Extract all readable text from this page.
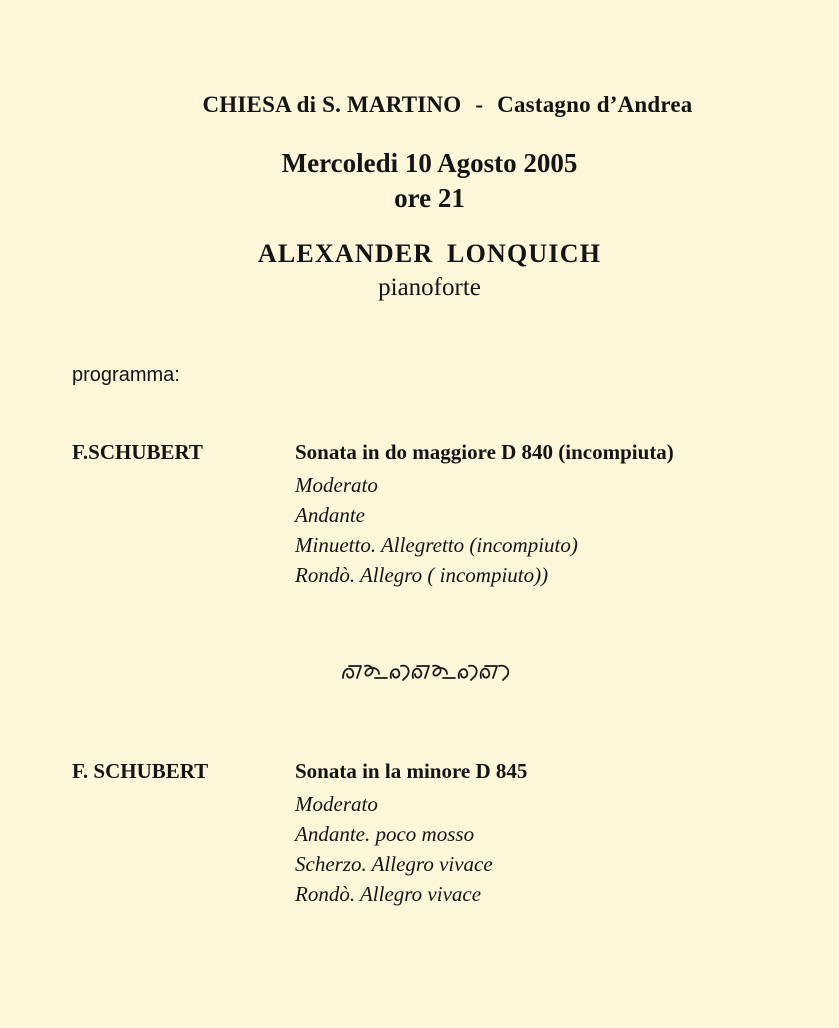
CHIESA di S. MARTINO - Castagno d’Andrea
Mercoledi 10 Agosto 2005
ore 21
ALEXANDER LONQUICH
pianoforte
programma:
F.SCHUBERT	Sonata in do maggiore D 840 (incompiuta)
Moderato
Andante
Minuetto. Allegretto (incompiuto)
Rondò. Allegro ( incompiuto))
F. SCHUBERT	Sonata in la minore D 845
Moderato
Andante. poco mosso
Scherzo. Allegro vivace
Rondò. Allegro vivace
